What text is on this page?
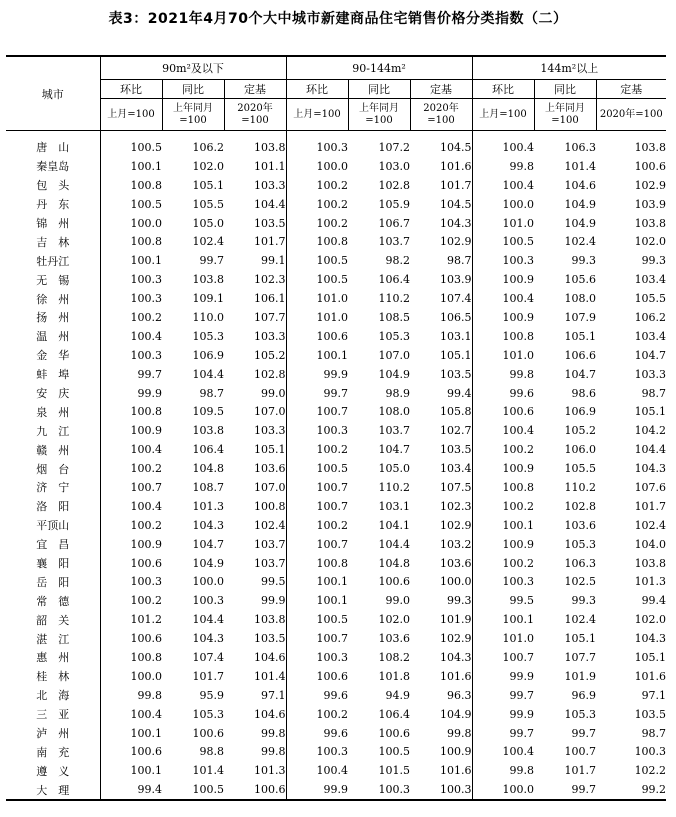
表3：2021年4月70个大中城市新建商品住宅销售价格分类指数（二）
城市	90m²及以下			90-144m²			144m²以上		
	环比	同比	定基	环比	同比	定基	环比	同比	定基
	上月=100	上年同月=100	2020年=100	上月=100	上年同月=100	2020年=100	上月=100	上年同月=100	2020年=100
唐　山	100.5	106.2	103.8	100.3	107.2	104.5	100.4	106.3	103.8
秦皇岛	100.1	102.0	101.1	100.0	103.0	101.6	99.8	101.4	100.6
包　头	100.8	105.1	103.3	100.2	102.8	101.7	100.4	104.6	102.9
丹　东	100.5	105.5	104.4	100.2	105.9	104.5	100.0	104.9	103.9
锦　州	100.0	105.0	103.5	100.2	106.7	104.3	101.0	104.9	103.8
吉　林	100.8	102.4	101.7	100.8	103.7	102.9	100.5	102.4	102.0
牡丹江	100.1	99.7	99.1	100.5	98.2	98.7	100.3	99.3	99.3
无　锡	100.3	103.8	102.3	100.5	106.4	103.9	100.9	105.6	103.4
徐　州	100.3	109.1	106.1	101.0	110.2	107.4	100.4	108.0	105.5
扬　州	100.2	110.0	107.7	101.0	108.5	106.5	100.9	107.9	106.2
温　州	100.4	105.3	103.3	100.6	105.3	103.1	100.8	105.1	103.4
金　华	100.3	106.9	105.2	100.1	107.0	105.1	101.0	106.6	104.7
蚌　埠	99.7	104.4	102.8	99.9	104.9	103.5	99.8	104.7	103.3
安　庆	99.9	98.7	99.0	99.7	98.9	99.4	99.6	98.6	98.7
泉　州	100.8	109.5	107.0	100.7	108.0	105.8	100.6	106.9	105.1
九　江	100.9	103.8	103.3	100.3	103.7	102.7	100.4	105.2	104.2
赣　州	100.4	106.4	105.1	100.2	104.7	103.5	100.2	106.0	104.4
烟　台	100.2	104.8	103.6	100.5	105.0	103.4	100.9	105.5	104.3
济　宁	100.7	108.7	107.0	100.7	110.2	107.5	100.8	110.2	107.6
洛　阳	100.4	101.3	100.8	100.7	103.1	102.3	100.2	102.8	101.7
平顶山	100.2	104.3	102.4	100.2	104.1	102.9	100.1	103.6	102.4
宜　昌	100.9	104.7	103.7	100.7	104.4	103.2	100.9	105.3	104.0
襄　阳	100.6	104.9	103.7	100.8	104.8	103.6	100.2	106.3	103.8
岳　阳	100.3	100.0	99.5	100.1	100.6	100.0	100.3	102.5	101.3
常　德	100.2	100.3	99.9	100.1	99.0	99.3	99.5	99.3	99.4
韶　关	101.2	104.4	103.8	100.5	102.0	101.9	100.1	102.4	102.0
湛　江	100.6	104.3	103.5	100.7	103.6	102.9	101.0	105.1	104.3
惠　州	100.8	107.4	104.6	100.3	108.2	104.3	100.7	107.7	105.1
桂　林	100.0	101.7	101.4	100.6	101.8	101.6	99.9	101.9	101.6
北　海	99.8	95.9	97.1	99.6	94.9	96.3	99.7	96.9	97.1
三　亚	100.4	105.3	104.6	100.2	106.4	104.9	99.9	105.3	103.5
泸　州	100.1	100.6	99.8	99.6	100.6	99.8	99.7	99.7	98.7
南　充	100.6	98.8	99.8	100.3	100.5	100.9	100.4	100.7	100.3
遵　义	100.1	101.4	101.3	100.4	101.5	101.6	99.8	101.7	102.2
大　理	99.4	100.5	100.6	99.9	100.3	100.3	100.0	99.7	99.2
